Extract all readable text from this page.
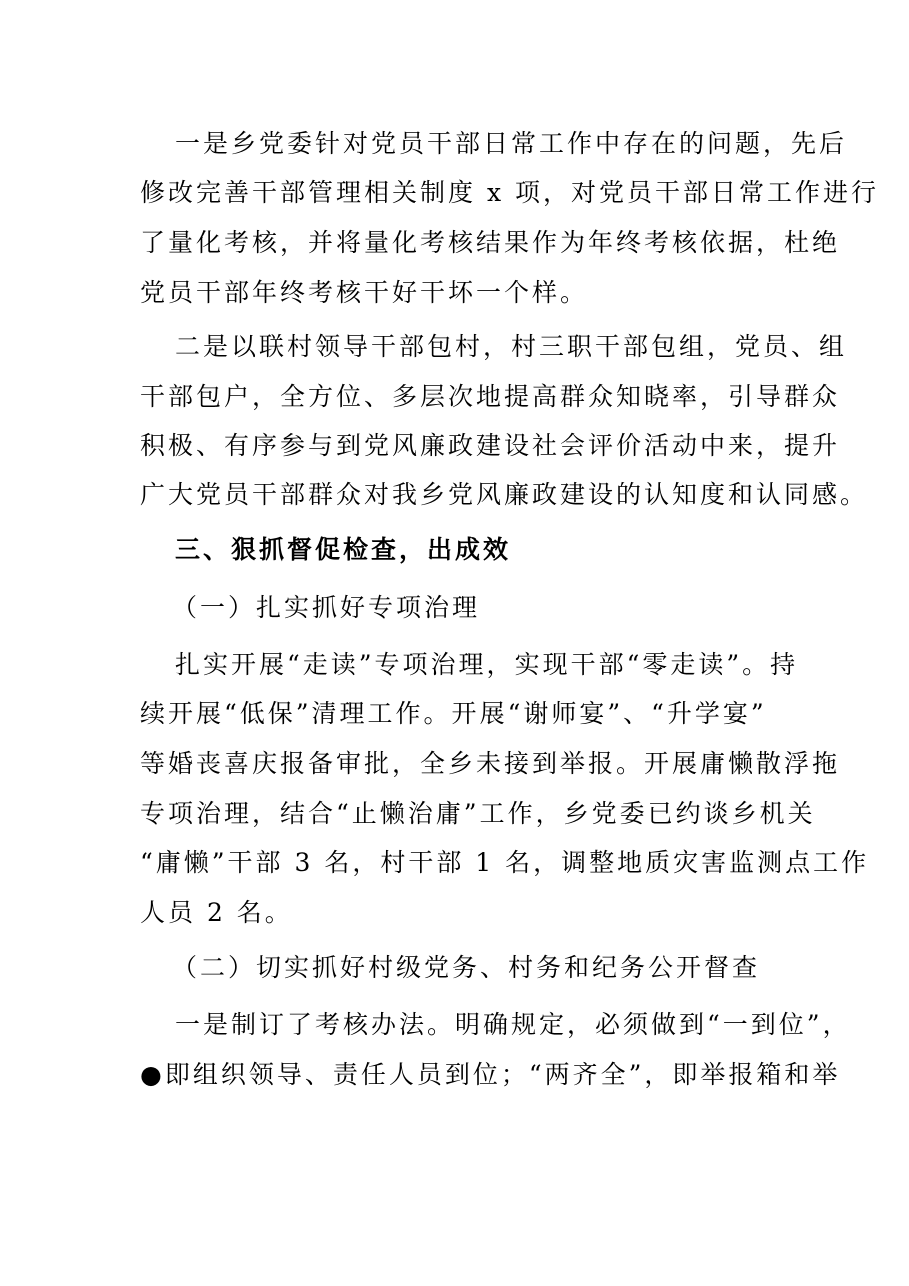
一是乡党委针对党员干部日常工作中存在的问题，先后
修改完善干部管理相关制度 x 项，对党员干部日常工作进行
了量化考核，并将量化考核结果作为年终考核依据，杜绝
党员干部年终考核干好干坏一个样。
二是以联村领导干部包村，村三职干部包组，党员、组
干部包户，全方位、多层次地提高群众知晓率，引导群众
积极、有序参与到党风廉政建设社会评价活动中来，提升
广大党员干部群众对我乡党风廉政建设的认知度和认同感。
三、狠抓督促检查，出成效
（一）扎实抓好专项治理
扎实开展“走读”专项治理，实现干部“零走读”。持
续开展“低保”清理工作。开展“谢师宴”、“升学宴”
等婚丧喜庆报备审批，全乡未接到举报。开展庸懒散浮拖
专项治理，结合“止懒治庸”工作，乡党委已约谈乡机关
“庸懒”干部 3 名，村干部 1 名，调整地质灾害监测点工作
人员 2 名。
（二）切实抓好村级党务、村务和纪务公开督查
一是制订了考核办法。明确规定，必须做到“一到位”，
●即组织领导、责任人员到位；“两齐全”，即举报箱和举
